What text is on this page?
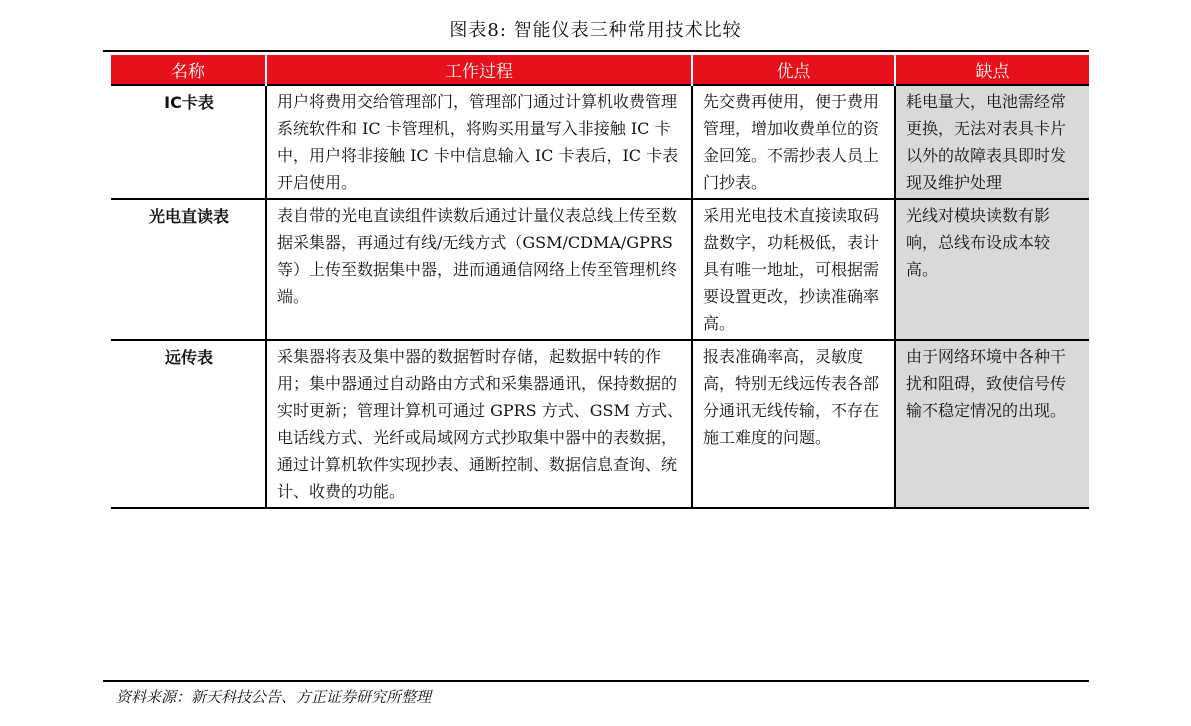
图表8: 智能仪表三种常用技术比较
名称	工作过程	优点	缺点
IC卡表	用户将费用交给管理部门，管理部门通过计算机收费管理系统软件和 IC 卡管理机，将购买用量写入非接触 IC 卡中，用户将非接触 IC 卡中信息输入 IC 卡表后，IC 卡表开启使用。	先交费再使用，便于费用管理，增加收费单位的资金回笼。不需抄表人员上门抄表。	耗电量大，电池需经常更换，无法对表具卡片以外的故障表具即时发现及维护处理
光电直读表	表自带的光电直读组件读数后通过计量仪表总线上传至数据采集器，再通过有线/无线方式（GSM/CDMA/GPRS 等）上传至数据集中器，进而通通信网络上传至管理机终端。	采用光电技术直接读取码盘数字，功耗极低，表计具有唯一地址，可根据需要设置更改，抄读准确率高。	光线对模块读数有影响，总线布设成本较高。
远传表	采集器将表及集中器的数据暂时存储，起数据中转的作用；集中器通过自动路由方式和采集器通讯，保持数据的实时更新；管理计算机可通过 GPRS 方式、GSM 方式、电话线方式、光纤或局域网方式抄取集中器中的表数据，通过计算机软件实现抄表、通断控制、数据信息查询、统计、收费的功能。	报表准确率高，灵敏度高，特别无线远传表各部分通讯无线传输，不存在施工难度的问题。	由于网络环境中各种干扰和阻碍，致使信号传输不稳定情况的出现。
资料来源：新天科技公告、方正证券研究所整理
